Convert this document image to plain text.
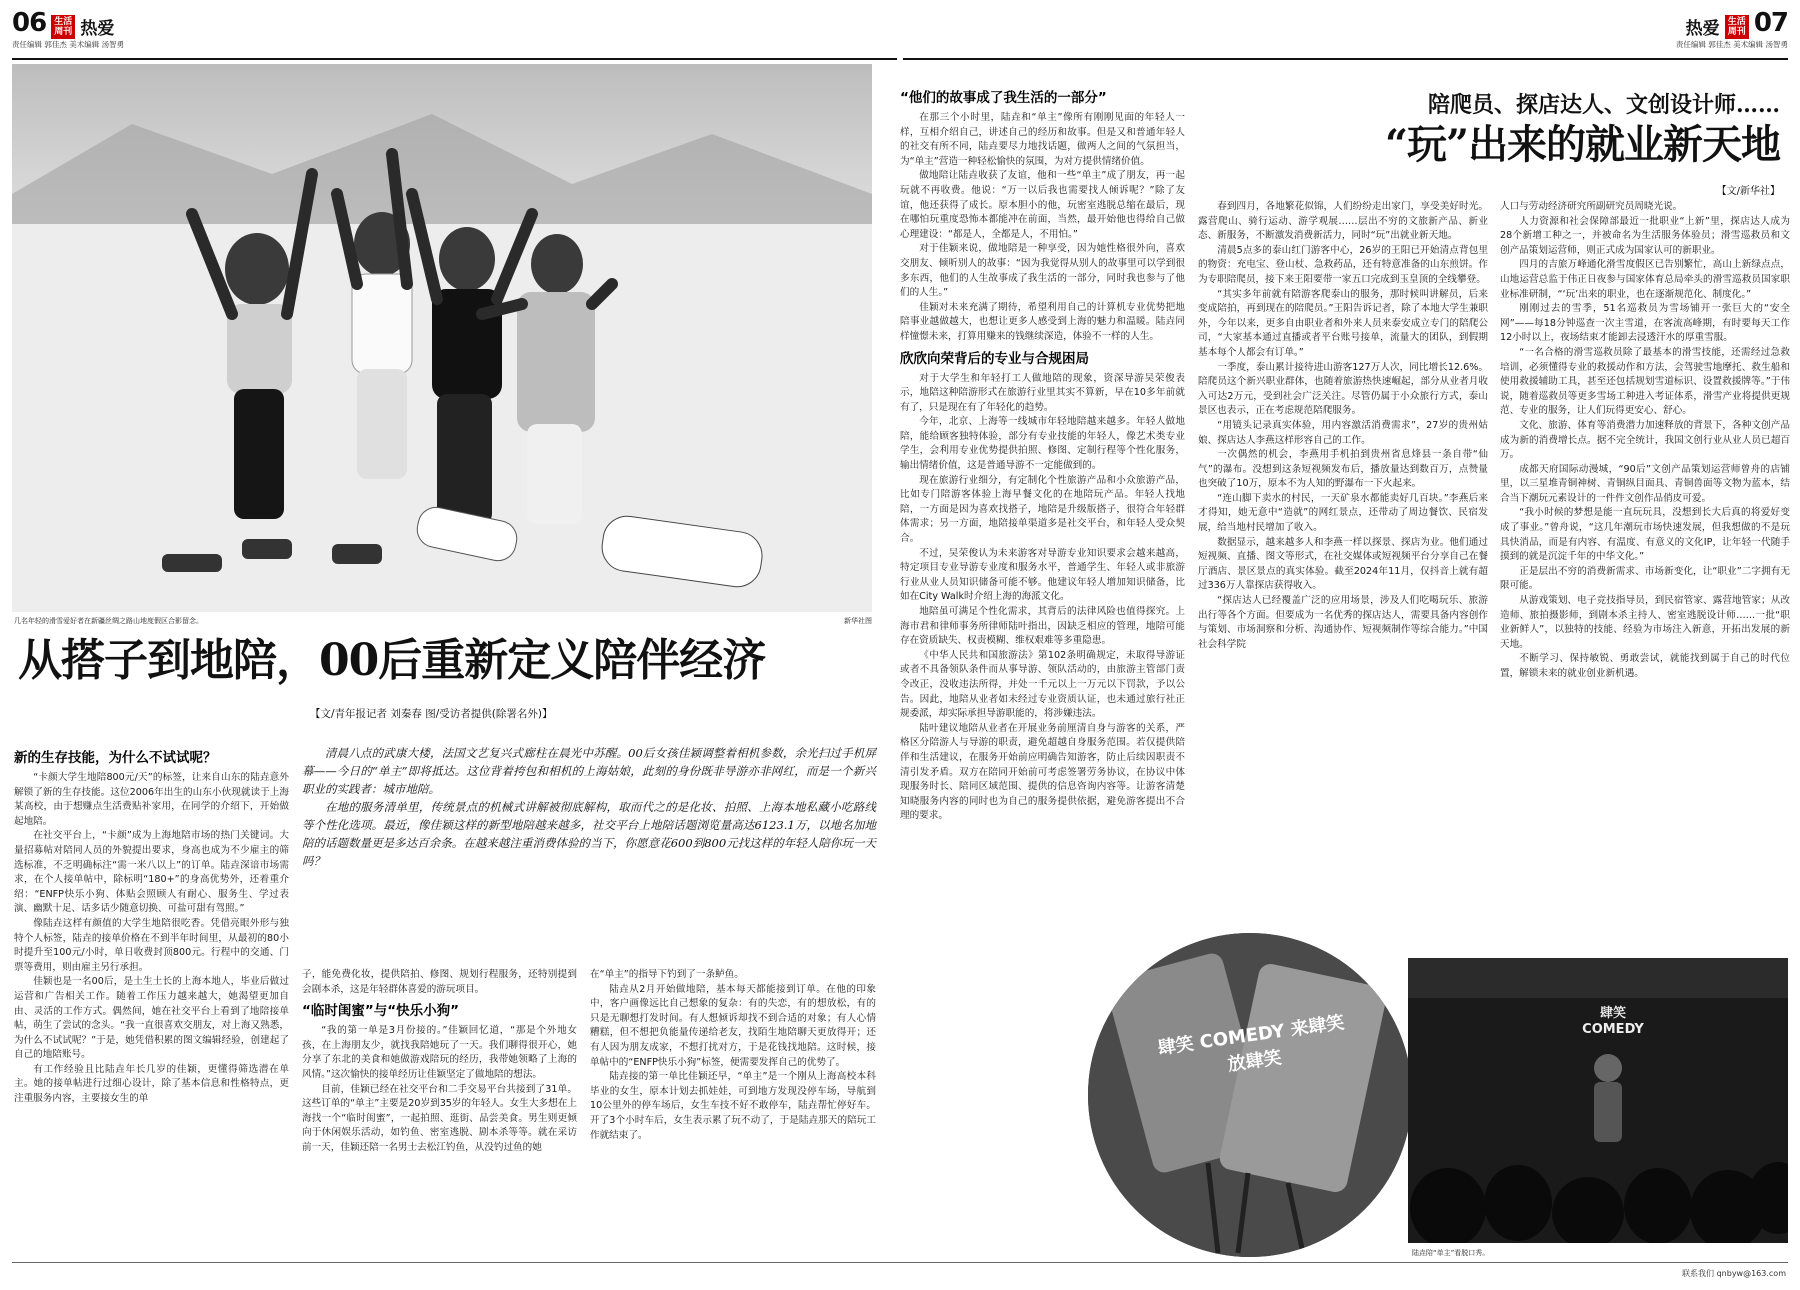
06 生活周刊 热爱
责任编辑 郭佳杰 美术编辑 汤智勇
热爱 生活周刊 07
责任编辑 郭佳杰 美术编辑 汤智勇
几名年轻的滑雪爱好者在新疆丝绸之路山地度假区合影留念。	新华社图
从搭子到地陪，00后重新定义陪伴经济
【文/青年报记者 刘秦春 图/受访者提供(除署名外)】

清晨八点的武康大楼，法国文艺复兴式廊柱在晨光中苏醒。00后女孩佳颖调整着相机参数，余光扫过手机屏幕——今日的“单主”即将抵达。这位背着挎包和相机的上海姑娘，此刻的身份既非导游亦非网红，而是一个新兴职业的实践者：城市地陪。

在地的服务清单里，传统景点的机械式讲解被彻底解构，取而代之的是化妆、拍照、上海本地私藏小吃路线等个性化选项。最近，像佳颖这样的新型地陪越来越多，社交平台上地陪话题浏览量高达6123.1万，以地名加地陪的话题数量更是多达百余条。在越来越注重消费体验的当下，你愿意花600到800元找这样的年轻人陪你玩一天吗？

新的生存技能，为什么不试试呢？

“卡颜大学生地陪800元/天”的标签，让来自山东的陆垚意外解锁了新的生存技能。这位2006年出生的山东小伙现就读于上海某高校，由于想赚点生活费贴补家用，在同学的介绍下，开始做起地陪。

在社交平台上，“卡颜”成为上海地陪市场的热门关键词。大量招募帖对陪同人员的外貌提出要求，身高也成为不少雇主的筛选标准，不乏明确标注“需一米八以上”的订单。陆垚深谙市场需求，在个人接单帖中，除标明“180+”的身高优势外，还着重介绍：“ENFP快乐小狗、体贴会照顾人有耐心、服务生、学过表演、幽默十足、话多话少随意切换、可盐可甜有驾照。”

像陆垚这样有颜值的大学生地陪很吃香。凭借亮眼外形与独特个人标签，陆垚的接单价格在不到半年时间里，从最初的80小时提升至100元/小时，单日收费封顶800元。行程中的交通、门票等费用，则由雇主另行承担。

佳颖也是一名00后，是土生土长的上海本地人，毕业后做过运营和广告相关工作。随着工作压力越来越大，她渴望更加自由、灵活的工作方式。偶然间，她在社交平台上看到了地陪接单帖，萌生了尝试的念头。“我一直很喜欢交朋友，对上海又熟悉，为什么不试试呢？”于是，她凭借积累的图文编辑经验，创建起了自己的地陪账号。

有工作经验且比陆垚年长几岁的佳颖，更懂得筛选潜在单主。她的接单帖进行过细心设计，除了基本信息和性格特点，更注重服务内容，主要接女生的单

子，能免费化妆，提供陪拍、修图、规划行程服务，还特别提到会剧本杀，这是年轻群体喜爱的游玩项目。

“临时闺蜜”与“快乐小狗”

“我的第一单是3月份接的。”佳颖回忆道，“那是个外地女孩，在上海朋友少，就找我陪她玩了一天。我们聊得很开心，她分享了东北的美食和她做游戏陪玩的经历，我带她领略了上海的风情。”这次愉快的接单经历让佳颖坚定了做地陪的想法。

目前，佳颖已经在社交平台和二手交易平台共接到了31单。这些订单的“单主”主要是20岁到35岁的年轻人。女生大多想在上海找一个“临时闺蜜”，一起拍照、逛街、品尝美食。男生则更倾向于休闲娱乐活动，如钓鱼、密室逃脱、剧本杀等等。就在采访前一天，佳颖还陪一名男士去松江钓鱼，从没钓过鱼的她

在“单主”的指导下钓到了一条鲈鱼。

陆垚从2月开始做地陪，基本每天都能接到订单。在他的印象中，客户画像远比自己想象的复杂：有的失恋，有的想放松，有的只是无聊想打发时间。有人想倾诉却找不到合适的对象；有人心情糟糕，但不想把负能量传递给老友，找陌生地陪聊天更放得开；还有人因为朋友成家，不想打扰对方，于是花钱找地陪。这时候，接单帖中的“ENFP快乐小狗”标签，便需要发挥自己的优势了。

陆垚接的第一单比佳颖还早，“单主”是一个刚从上海高校本科毕业的女生，原本计划去抓娃娃，可到地方发现没停车场，导航到10公里外的停车场后，女生车技不好不敢停车，陆垚帮忙停好车。开了3个小时车后，女生表示累了玩不动了，于是陆垚那天的陪玩工作就结束了。

“他们的故事成了我生活的一部分”

在那三个小时里，陆垚和“单主”像所有刚刚见面的年轻人一样，互相介绍自己，讲述自己的经历和故事。但是又和普通年轻人的社交有所不同，陆垚要尽力地找话题，做两人之间的气氛担当，为“单主”营造一种轻松愉快的氛围，为对方提供情绪价值。

做地陪让陆垚收获了友谊，他和一些“单主”成了朋友，再一起玩就不再收费。他说：“万一以后我也需要找人倾诉呢？”除了友谊，他还获得了成长。原本胆小的他，玩密室逃脱总缩在最后，现在哪怕玩重度恐怖本都能冲在前面，当然，最开始他也得给自己做心理建设：“都是人，全都是人，不用怕。”

对于佳颖来说，做地陪是一种享受，因为她性格很外向，喜欢交朋友、倾听别人的故事：“因为我觉得从别人的故事里可以学到很多东西，他们的人生故事成了我生活的一部分，同时我也参与了他们的人生。”

佳颖对未来充满了期待，希望利用自己的计算机专业优势把地陪事业越做越大，也想让更多人感受到上海的魅力和温暖。陆垚同样憧憬未来，打算用赚来的钱继续深造，体验不一样的人生。

欣欣向荣背后的专业与合规困局

对于大学生和年轻打工人做地陪的现象，资深导游吴荣俊表示，地陪这种陪游形式在旅游行业里其实不算新，早在10多年前就有了，只是现在有了年轻化的趋势。

今年，北京、上海等一线城市年轻地陪越来越多。年轻人做地陪，能给顾客独特体验，部分有专业技能的年轻人，像艺术类专业学生，会利用专业优势提供拍照、修图、定制行程等个性化服务，输出情绪价值，这是普通导游不一定能做到的。

现在旅游行业细分，有定制化个性旅游产品和小众旅游产品，比如专门陪游客体验上海早餐文化的在地陪玩产品。年轻人找地陪，一方面是因为喜欢找搭子，地陪是升级版搭子，很符合年轻群体需求；另一方面，地陪接单渠道多是社交平台，和年轻人受众契合。

不过，吴荣俊认为未来游客对导游专业知识要求会越来越高，特定项目专业导游专业度和服务水平，普通学生、年轻人或非旅游行业从业人员知识储备可能不够。他建议年轻人增加知识储备，比如在City Walk时介绍上海的海派文化。

地陪虽可满足个性化需求，其背后的法律风险也值得探究。上海市君和律师事务所律师陆叶指出，因缺乏相应的管理，地陪可能存在资质缺失、权责模糊、维权艰难等多重隐患。

《中华人民共和国旅游法》第102条明确规定，未取得导游证或者不具备领队条件而从事导游、领队活动的，由旅游主管部门责令改正，没收违法所得，并处一千元以上一万元以下罚款，予以公告。因此，地陪从业者如未经过专业资质认证，也未通过旅行社正规委派，却实际承担导游职能的，将涉嫌违法。

陆叶建议地陪从业者在开展业务前厘清自身与游客的关系，严格区分陪游人与导游的职责，避免超越自身服务范围。若仅提供陪伴和生活建议，在服务开始前应明确告知游客，防止后续因职责不清引发矛盾。双方在陪同开始前可考虑签署劳务协议，在协议中体现服务时长、陪同区域范围、提供的信息咨询内容等。让游客清楚知晓服务内容的同时也为自己的服务提供依据，避免游客提出不合理的要求。

肆笑 COMEDY 来肆笑 放肆笑
陪爬员、探店达人、文创设计师……
“玩”出来的就业新天地
【文/新华社】

春到四月，各地繁花似锦，人们纷纷走出家门，享受美好时光。露营爬山、骑行运动、游学观展……层出不穷的文旅新产品、新业态、新服务，不断激发消费新活力，同时“玩”出就业新天地。

清晨5点多的泰山红门游客中心，26岁的王阳已开始清点背包里的物资：充电宝、登山杖、急救药品，还有特意准备的山东煎饼。作为专职陪爬员，接下来王阳要带一家五口完成到玉皇顶的全线攀登。

“其实多年前就有陪游客爬泰山的服务，那时候叫讲解员，后来变成陪拍，再到现在的陪爬员。”王阳告诉记者，除了本地大学生兼职外，今年以来，更多自由职业者和外来人员来泰安成立专门的陪爬公司，“大家基本通过直播或者平台账号接单，流量大的团队，到假期基本每个人都会有订单。”

一季度，泰山累计接待进山游客127万人次，同比增长12.6%。陪爬员这个新兴职业群体，也随着旅游热快速崛起，部分从业者月收入可达2万元，受到社会广泛关注。尽管仍属于小众旅行方式，泰山景区也表示，正在考虑规范陪爬服务。

“用镜头记录真实体验，用内容激活消费需求”，27岁的贵州姑娘、探店达人李燕这样形容自己的工作。

一次偶然的机会，李燕用手机拍到贵州省息烽县一条自带“仙气”的瀑布。没想到这条短视频发布后，播放量达到数百万，点赞量也突破了10万，原本不为人知的野瀑布一下火起来。

“连山脚下卖水的村民，一天矿泉水都能卖好几百块。”李燕后来才得知，她无意中“造就”的网红景点，还带动了周边餐饮、民宿发展，给当地村民增加了收入。

数据显示，越来越多人和李燕一样以探景、探店为业。他们通过短视频、直播、图文等形式，在社交媒体或短视频平台分享自己在餐厅酒店、景区景点的真实体验。截至2024年11月，仅抖音上就有超过336万人靠探店获得收入。

“探店达人已经覆盖广泛的应用场景，涉及人们吃喝玩乐、旅游出行等各个方面。但要成为一名优秀的探店达人，需要具备内容创作与策划、市场洞察和分析、沟通协作、短视频制作等综合能力。”中国社会科学院

人口与劳动经济研究所副研究员周晓光说。

人力资源和社会保障部最近一批职业“上新”里，探店达人成为28个新增工种之一，并被命名为生活服务体验员；滑雪巡救员和文创产品策划运营师，则正式成为国家认可的新职业。

四月的吉旅万峰通化滑雪度假区已告别繁忙，高山上新绿点点，山地运营总监于伟正日夜参与国家体育总局牵头的滑雪巡救员国家职业标准研制，“‘玩’出来的职业，也在逐渐规范化、制度化。”

刚刚过去的雪季，51名巡救员为雪场铺开一张巨大的“安全网”——每18分钟巡查一次主雪道，在客流高峰期，有时要每天工作12小时以上，夜场结束才能卸去浸透汗水的厚重雪服。

“一名合格的滑雪巡救员除了最基本的滑雪技能，还需经过急救培训，必须懂得专业的救援动作和方法，会驾驶雪地摩托、救生船和使用救援辅助工具，甚至还包括规划雪道标识、设置救援牌等。”于伟说，随着巡救员等更多雪场工种进入考证体系，滑雪产业将提供更规范、专业的服务，让人们玩得更安心、舒心。

文化、旅游、体育等消费潜力加速释放的背景下，各种文创产品成为新的消费增长点。据不完全统计，我国文创行业从业人员已超百万。

成都天府国际动漫城，“90后”文创产品策划运营师曾舟的店铺里，以三星堆青铜神树、青铜纵目面具、青铜兽面等文物为蓝本，结合当下潮玩元素设计的一件件文创作品俏皮可爱。

“我小时候的梦想是能一直玩玩具，没想到长大后真的将爱好变成了事业。”曾舟说，“这几年潮玩市场快速发展，但我想做的不是玩具快消品，而是有内容、有温度、有意义的文化IP，让年轻一代随手摸到的就是沉淀千年的中华文化。”

正是层出不穷的消费新需求、市场新变化，让“职业”二字拥有无限可能。

从游戏策划、电子竞技指导员，到民宿管家、露营地管家；从改造师、旅拍摄影师，到剧本杀主持人、密室逃脱设计师……一批“职业新鲜人”，以独特的技能、经验为市场注入新意，开拓出发展的新天地。

不断学习、保持敏锐、勇敢尝试，就能找到属于自己的时代位置，解锁未来的就业创业新机遇。

肆笑 COMEDY
陆垚陪“单主”看脱口秀。
联系我们 qnbyw@163.com
